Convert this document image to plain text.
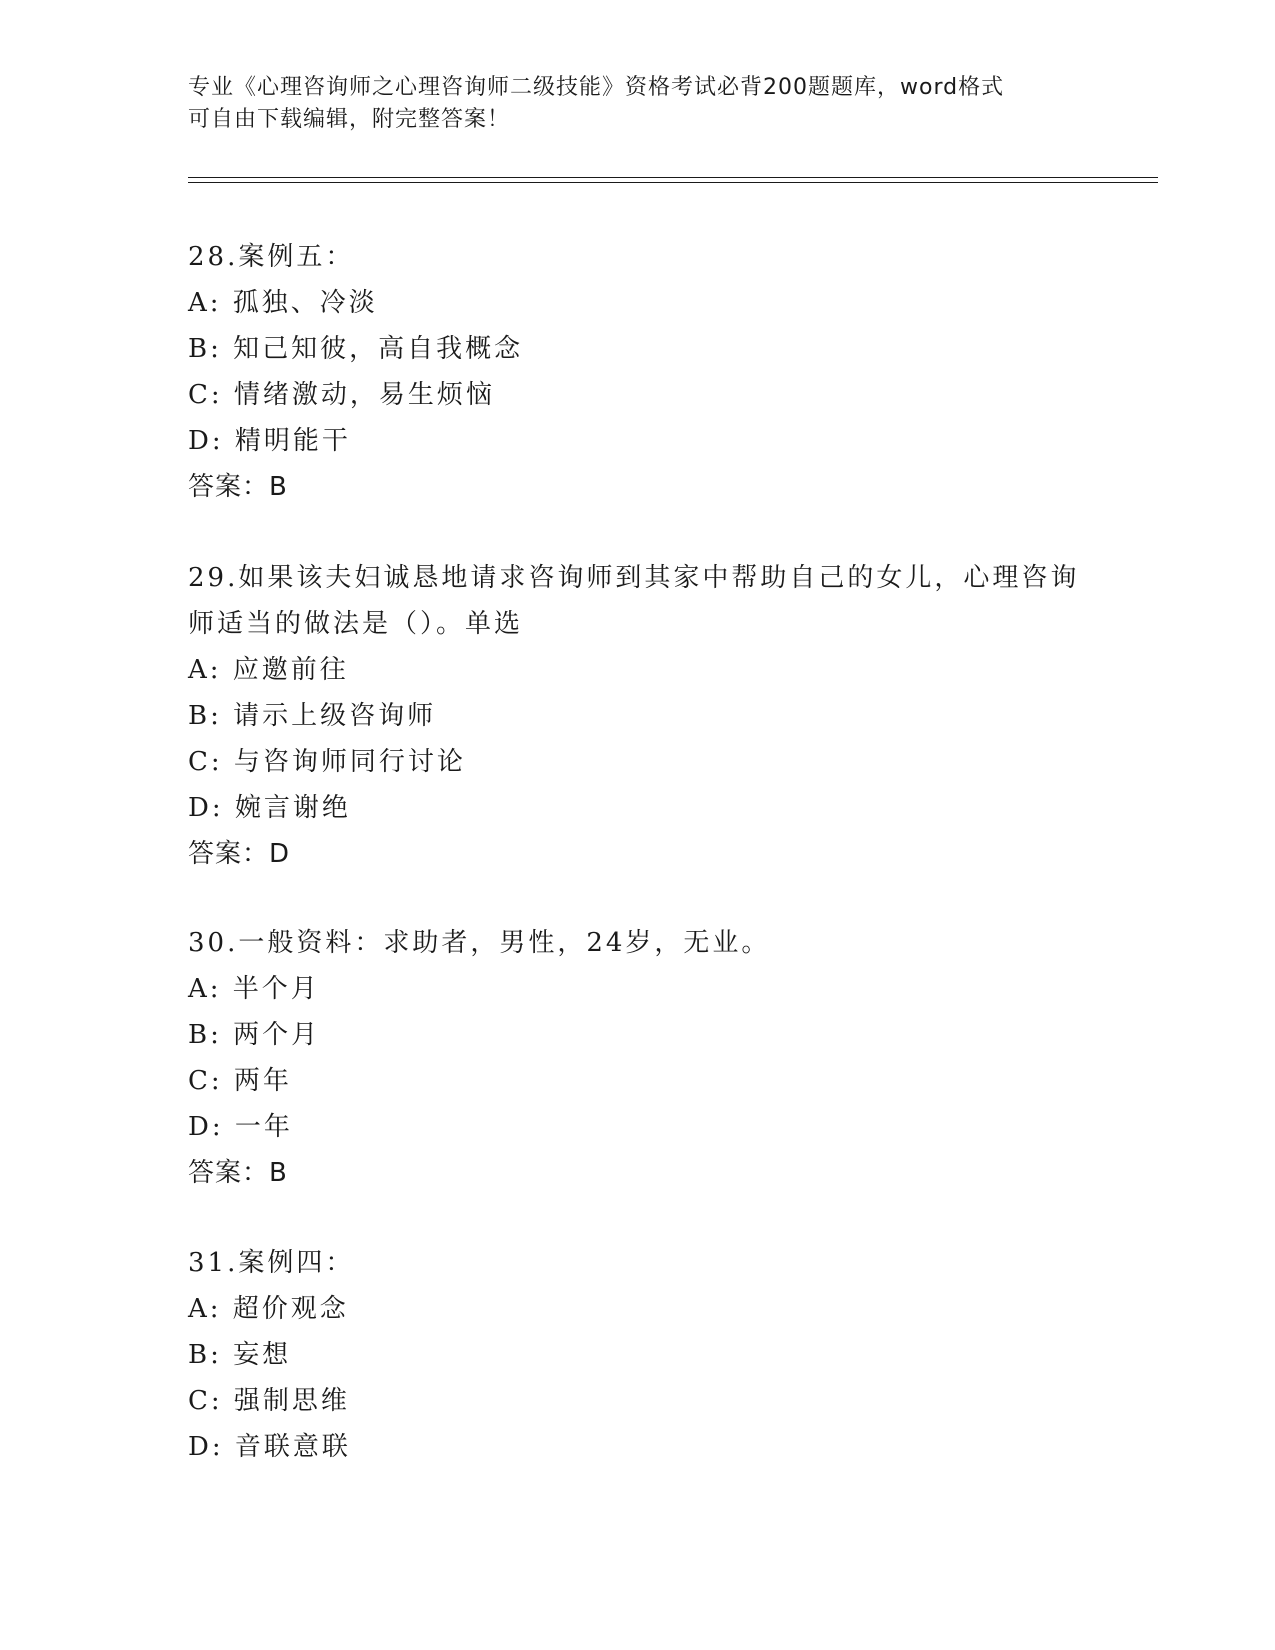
专业《心理咨询师之心理咨询师二级技能》资格考试必背200题题库，word格式
可自由下载编辑，附完整答案！
28.案例五：
A: 孤独、冷淡
B: 知己知彼，高自我概念
C: 情绪激动，易生烦恼
D: 精明能干
答案：B
29.如果该夫妇诚恳地请求咨询师到其家中帮助自己的女儿，心理咨询师适当的做法是（）。单选
A: 应邀前往
B: 请示上级咨询师
C: 与咨询师同行讨论
D: 婉言谢绝
答案：D
30.一般资料：求助者，男性，24岁，无业。
A: 半个月
B: 两个月
C: 两年
D: 一年
答案：B
31.案例四：
A: 超价观念
B: 妄想
C: 强制思维
D: 音联意联
